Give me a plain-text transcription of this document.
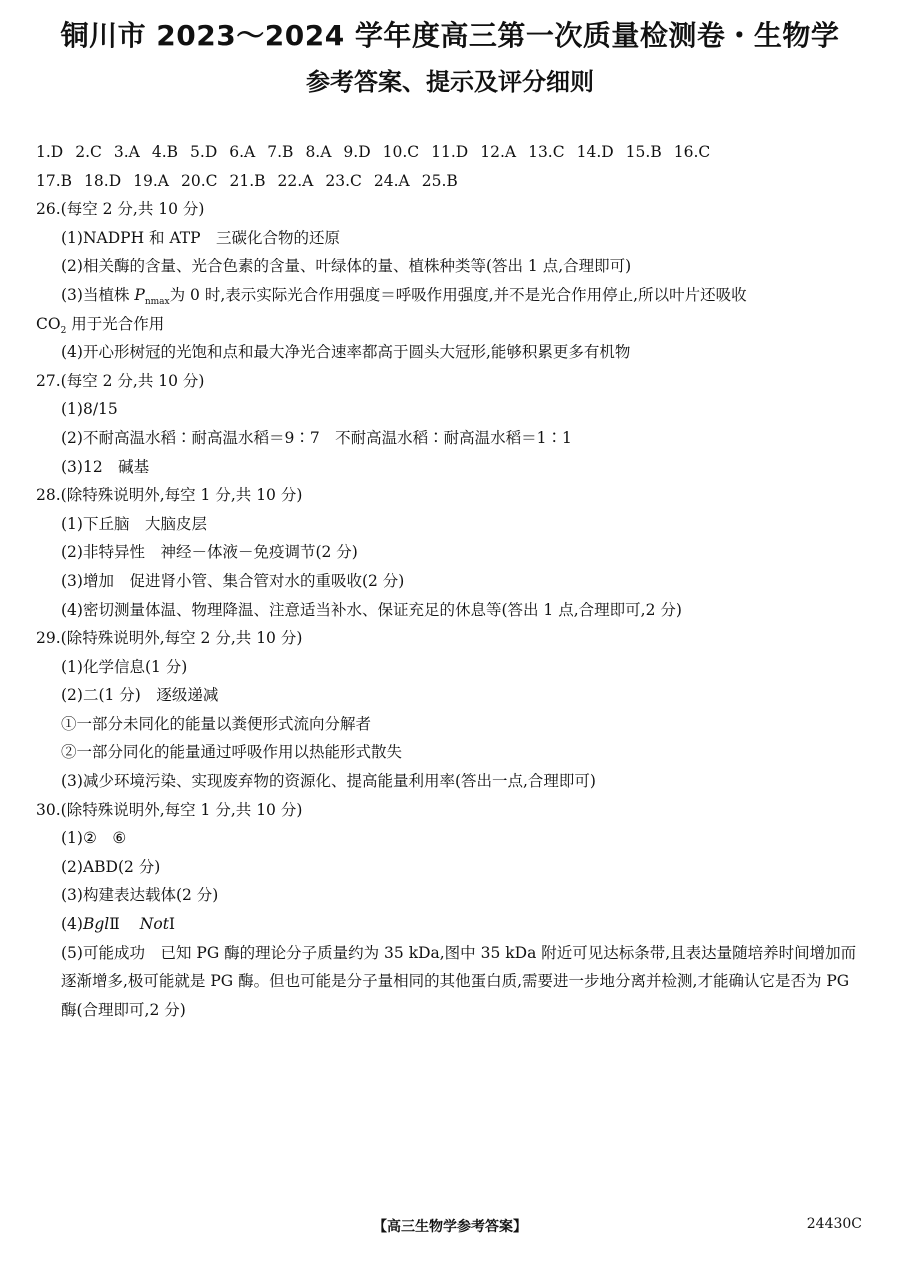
铜川市 2023～2024 学年度高三第一次质量检测卷・生物学
参考答案、提示及评分细则
1.D 2.C 3.A 4.B 5.D 6.A 7.B 8.A 9.D 10.C 11.D 12.A 13.C 14.D 15.B 16.C
17.B 18.D 19.A 20.C 21.B 22.A 23.C 24.A 25.B
26.(每空 2 分,共 10 分)
(1)NADPH 和 ATP　三碳化合物的还原
(2)相关酶的含量、光合色素的含量、叶绿体的量、植株种类等(答出 1 点,合理即可)
(3)当植株 $P_{nmax}$为 0 时,表示实际光合作用强度＝呼吸作用强度,并不是光合作用停止,所以叶片还吸收
$CO_2$ 用于光合作用
(4)开心形树冠的光饱和点和最大净光合速率都高于圆头大冠形,能够积累更多有机物
27.(每空 2 分,共 10 分)
(1)8/15
(2)不耐高温水稻∶耐高温水稻＝9∶7　不耐高温水稻∶耐高温水稻＝1∶1
(3)12　碱基
28.(除特殊说明外,每空 1 分,共 10 分)
(1)下丘脑　大脑皮层
(2)非特异性　神经－体液－免疫调节(2 分)
(3)增加　促进肾小管、集合管对水的重吸收(2 分)
(4)密切测量体温、物理降温、注意适当补水、保证充足的休息等(答出 1 点,合理即可,2 分)
29.(除特殊说明外,每空 2 分,共 10 分)
(1)化学信息(1 分)
(2)二(1 分)　逐级递减
①一部分未同化的能量以粪便形式流向分解者
②一部分同化的能量通过呼吸作用以热能形式散失
(3)减少环境污染、实现废弃物的资源化、提高能量利用率(答出一点,合理即可)
30.(除特殊说明外,每空 1 分,共 10 分)
(1)②　⑥
(2)ABD(2 分)
(3)构建表达载体(2 分)
(4)BglⅡ NotⅠ
(5)可能成功　已知 PG 酶的理论分子质量约为 35 kDa,图中 35 kDa 附近可见达标条带,且表达量随培养时间增加而逐渐增多,极可能就是 PG 酶。但也可能是分子量相同的其他蛋白质,需要进一步地分离并检测,才能确认它是否为 PG 酶(合理即可,2 分)
【高三生物学参考答案】	24430C
